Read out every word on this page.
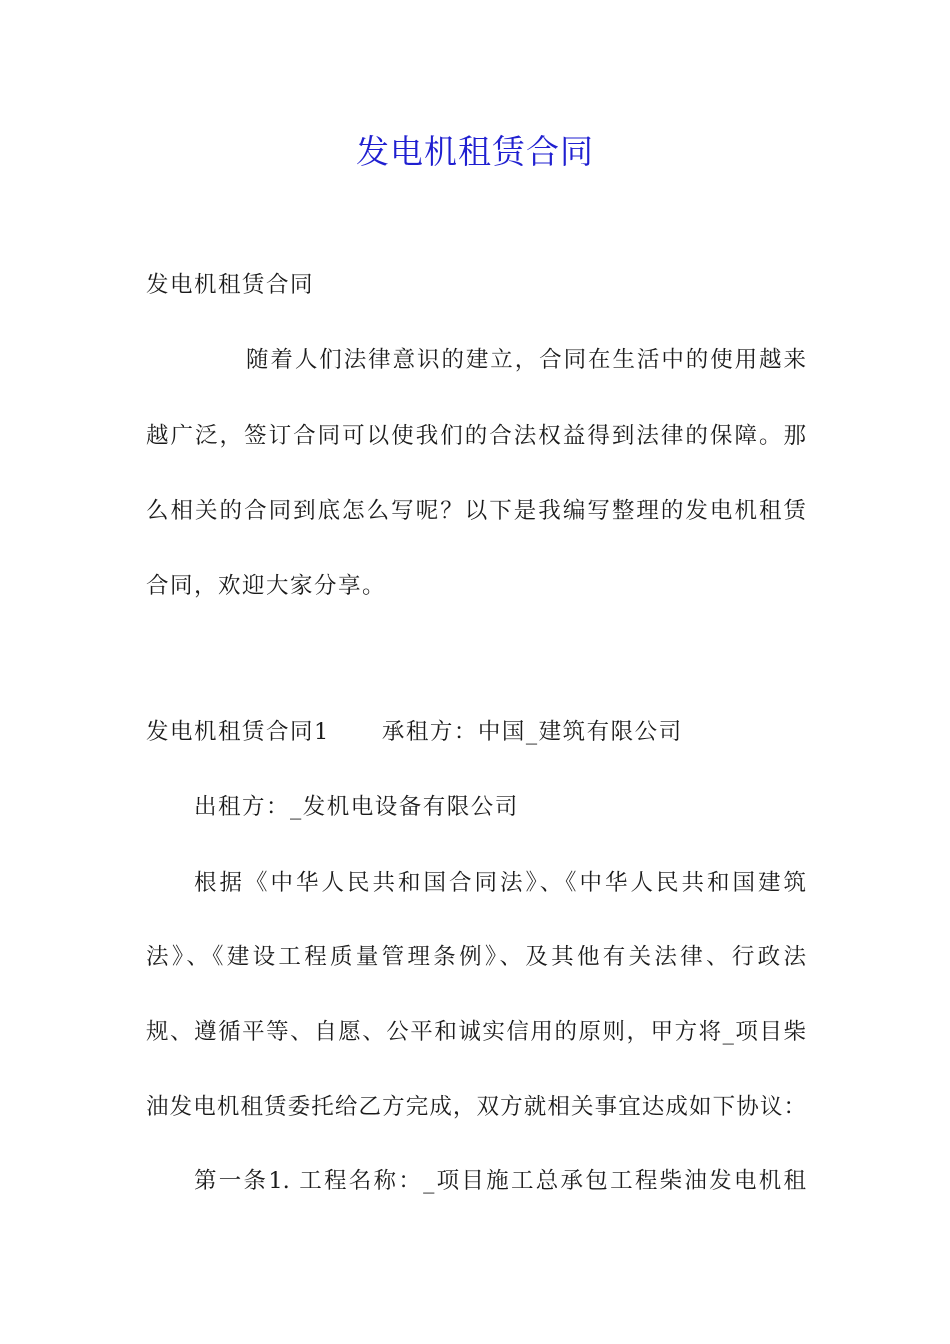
发电机租赁合同
发电机租赁合同
随着人们法律意识的建立，合同在生活中的使用越来
越广泛，签订合同可以使我们的合法权益得到法律的保障。那
么相关的合同到底怎么写呢？以下是我编写整理的发电机租赁
合同，欢迎大家分享。
发电机租赁合同1 承租方：中国_建筑有限公司
出租方：_发机电设备有限公司
根据《中华人民共和国合同法》、《中华人民共和国建筑
法》、《建设工程质量管理条例》、及其他有关法律、行政法
规、遵循平等、自愿、公平和诚实信用的原则，甲方将_项目柴
油发电机租赁委托给乙方完成，双方就相关事宜达成如下协议：
第一条1. 工程名称：_项目施工总承包工程柴油发电机租
